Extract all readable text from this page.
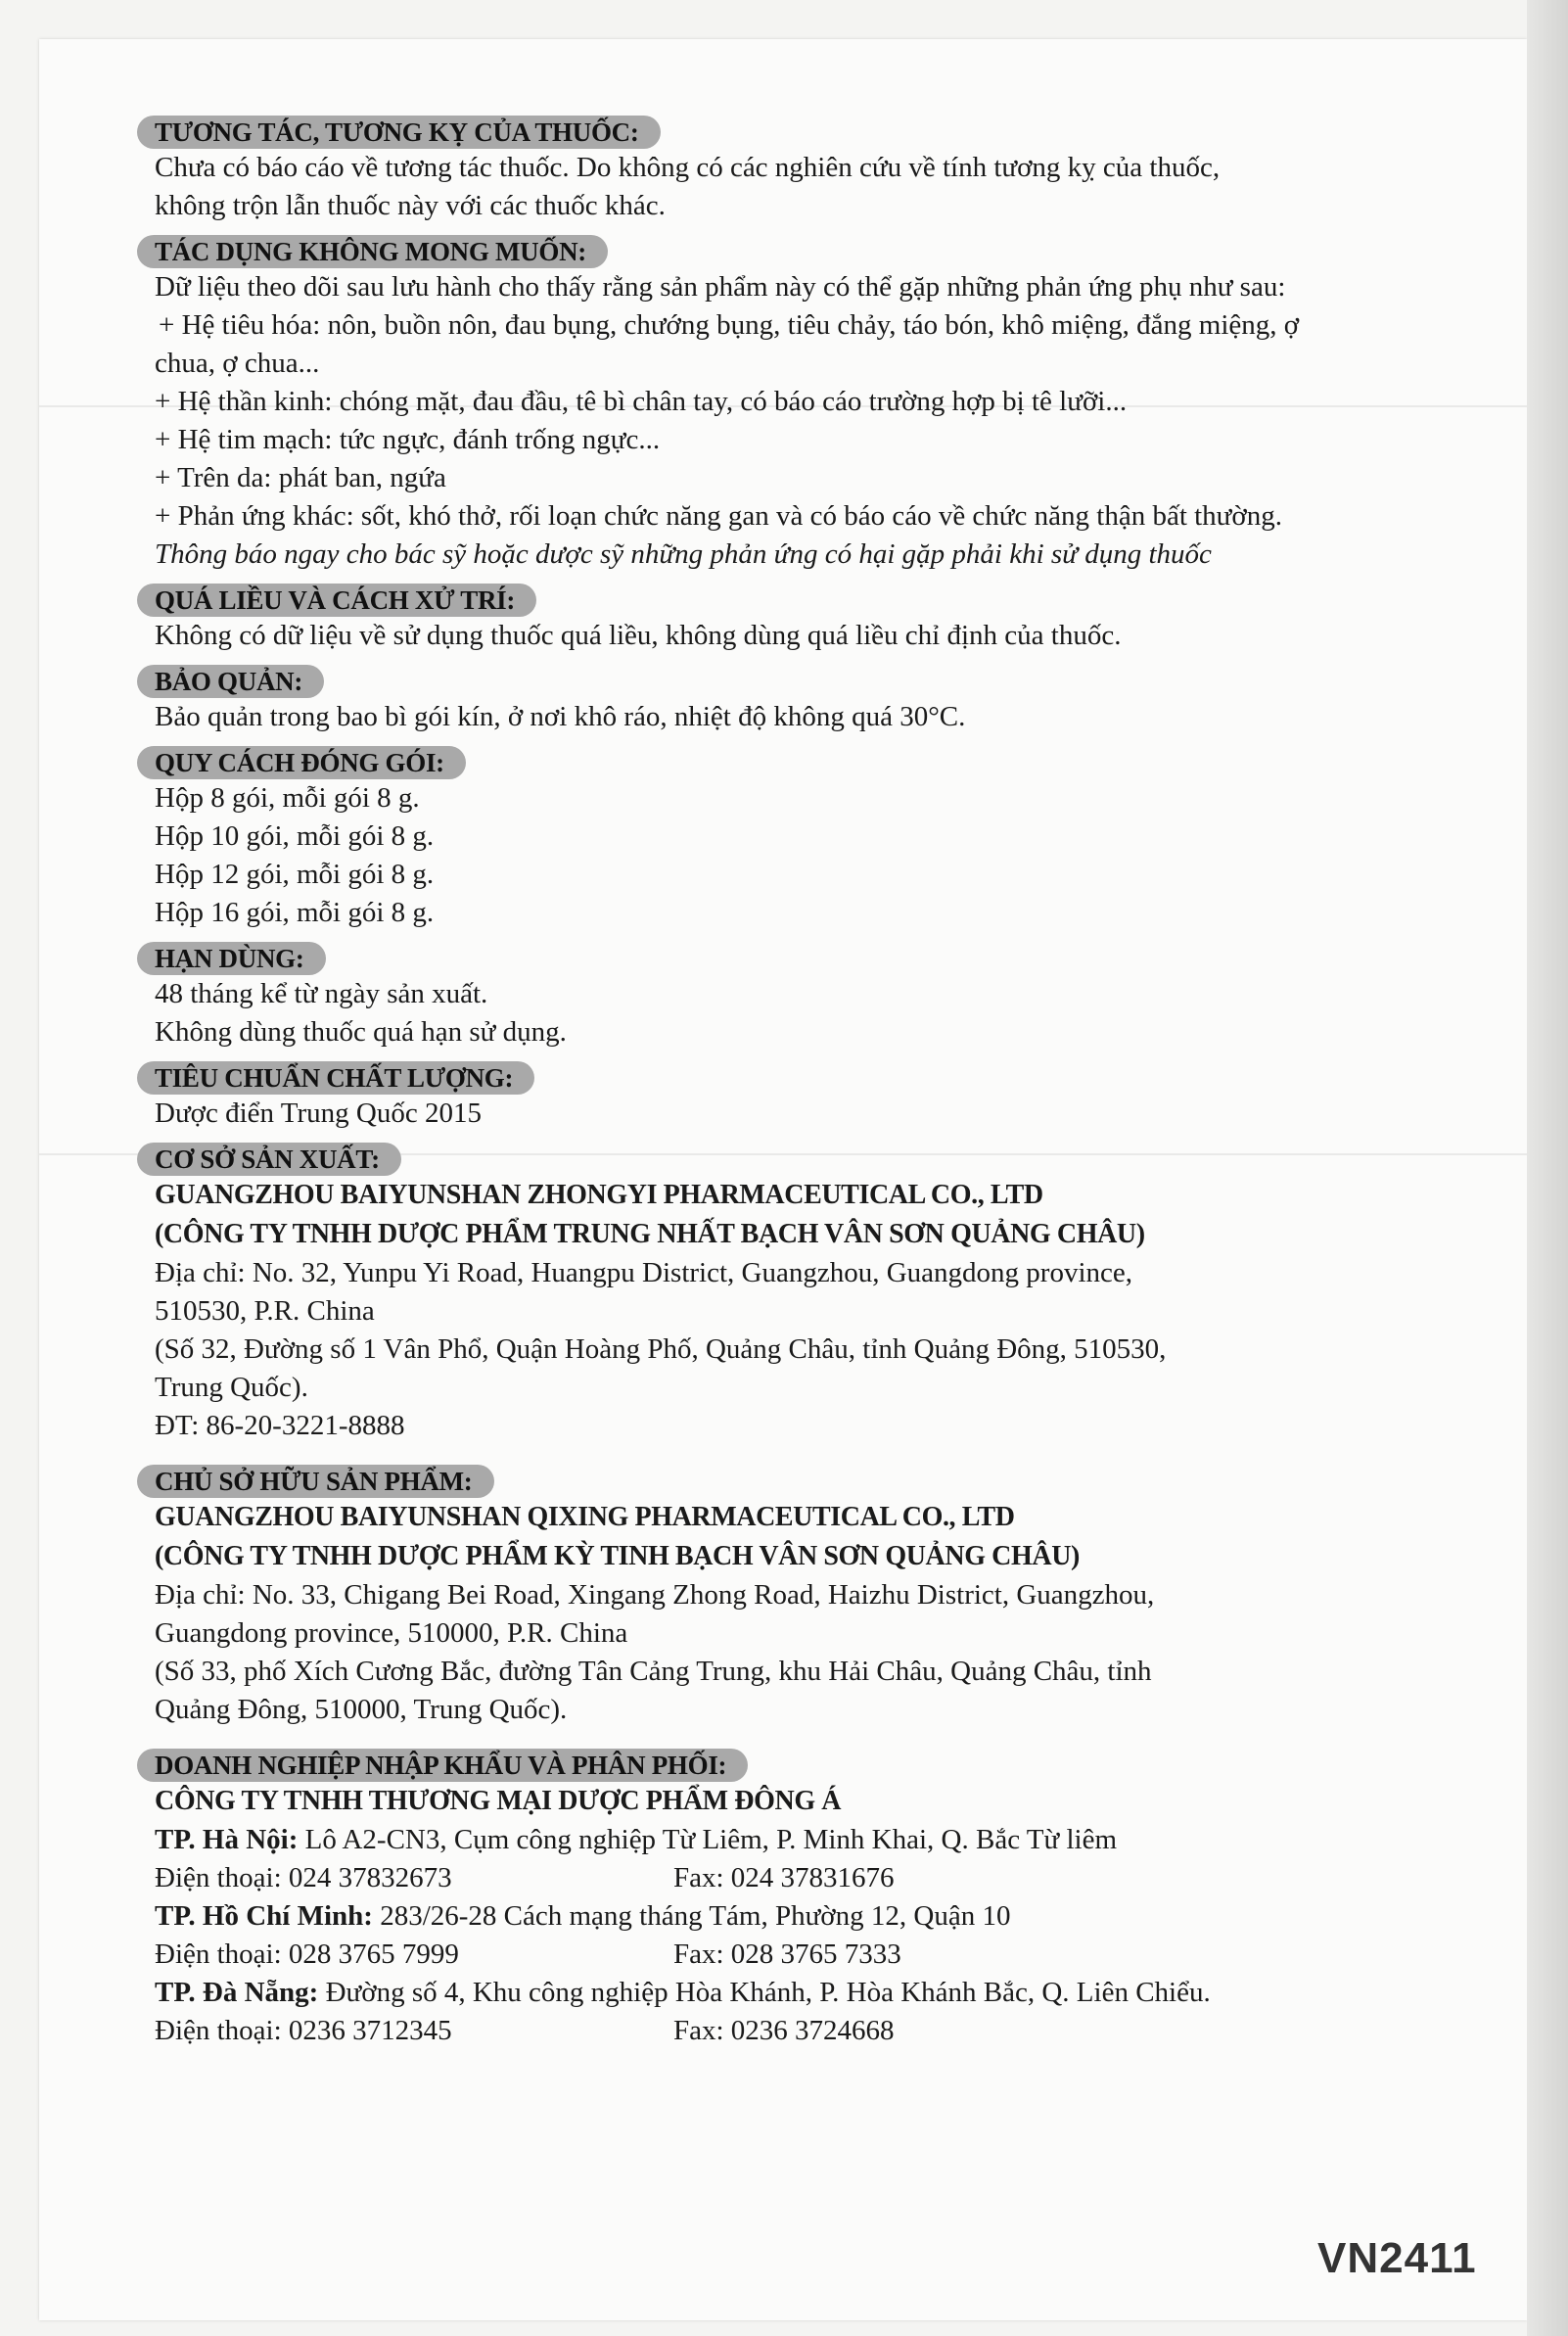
TƯƠNG TÁC, TƯƠNG KỴ CỦA THUỐC:

Chưa có báo cáo về tương tác thuốc. Do không có các nghiên cứu về tính tương kỵ của thuốc,

không trộn lẫn thuốc này với các thuốc khác.

TÁC DỤNG KHÔNG MONG MUỐN:

Dữ liệu theo dõi sau lưu hành cho thấy rằng sản phẩm này có thể gặp những phản ứng phụ như sau:

+ Hệ tiêu hóa: nôn, buồn nôn, đau bụng, chướng bụng, tiêu chảy, táo bón, khô miệng, đắng miệng, ợ

chua, ợ chua...

+ Hệ thần kinh: chóng mặt, đau đầu, tê bì chân tay, có báo cáo trường hợp bị tê lưỡi...

+ Hệ tim mạch: tức ngực, đánh trống ngực...

+ Trên da: phát ban, ngứa

+ Phản ứng khác: sốt, khó thở, rối loạn chức năng gan và có báo cáo về chức năng thận bất thường.

Thông báo ngay cho bác sỹ hoặc dược sỹ những phản ứng có hại gặp phải khi sử dụng thuốc

QUÁ LIỀU VÀ CÁCH XỬ TRÍ:

Không có dữ liệu về sử dụng thuốc quá liều, không dùng quá liều chỉ định của thuốc.

BẢO QUẢN:

Bảo quản trong bao bì gói kín, ở nơi khô ráo, nhiệt độ không quá 30°C.

QUY CÁCH ĐÓNG GÓI:

Hộp 8 gói, mỗi gói 8 g.

Hộp 10 gói, mỗi gói 8 g.

Hộp 12 gói, mỗi gói 8 g.

Hộp 16 gói, mỗi gói 8 g.

HẠN DÙNG:

48 tháng kể từ ngày sản xuất.

Không dùng thuốc quá hạn sử dụng.

TIÊU CHUẨN CHẤT LƯỢNG:

Dược điển Trung Quốc 2015

CƠ SỞ SẢN XUẤT:

GUANGZHOU BAIYUNSHAN ZHONGYI PHARMACEUTICAL CO., LTD

(CÔNG TY TNHH DƯỢC PHẨM TRUNG NHẤT BẠCH VÂN SƠN QUẢNG CHÂU)

Địa chỉ: No. 32, Yunpu Yi Road, Huangpu District, Guangzhou, Guangdong province,

510530, P.R. China

(Số 32, Đường số 1 Vân Phổ, Quận Hoàng Phố, Quảng Châu, tỉnh Quảng Đông, 510530,

Trung Quốc).

ĐT: 86-20-3221-8888

CHỦ SỞ HỮU SẢN PHẨM:

GUANGZHOU BAIYUNSHAN QIXING PHARMACEUTICAL CO., LTD

(CÔNG TY TNHH DƯỢC PHẨM KỲ TINH BẠCH VÂN SƠN QUẢNG CHÂU)

Địa chỉ: No. 33, Chigang Bei Road, Xingang Zhong Road, Haizhu District, Guangzhou,

Guangdong province, 510000, P.R. China

(Số 33, phố Xích Cương Bắc, đường Tân Cảng Trung, khu Hải Châu, Quảng Châu, tỉnh

Quảng Đông, 510000, Trung Quốc).

DOANH NGHIỆP NHẬP KHẨU VÀ PHÂN PHỐI:

CÔNG TY TNHH THƯƠNG MẠI DƯỢC PHẨM ĐÔNG Á

TP. Hà Nội: Lô A2-CN3, Cụm công nghiệp Từ Liêm, P. Minh Khai, Q. Bắc Từ liêm

Điện thoại: 024 37832673	Fax: 024 37831676

TP. Hồ Chí Minh: 283/26-28 Cách mạng tháng Tám, Phường 12, Quận 10

Điện thoại: 028 3765 7999	Fax: 028 3765 7333

TP. Đà Nẵng: Đường số 4, Khu công nghiệp Hòa Khánh, P. Hòa Khánh Bắc, Q. Liên Chiểu.

Điện thoại: 0236 3712345	Fax: 0236 3724668
VN2411
